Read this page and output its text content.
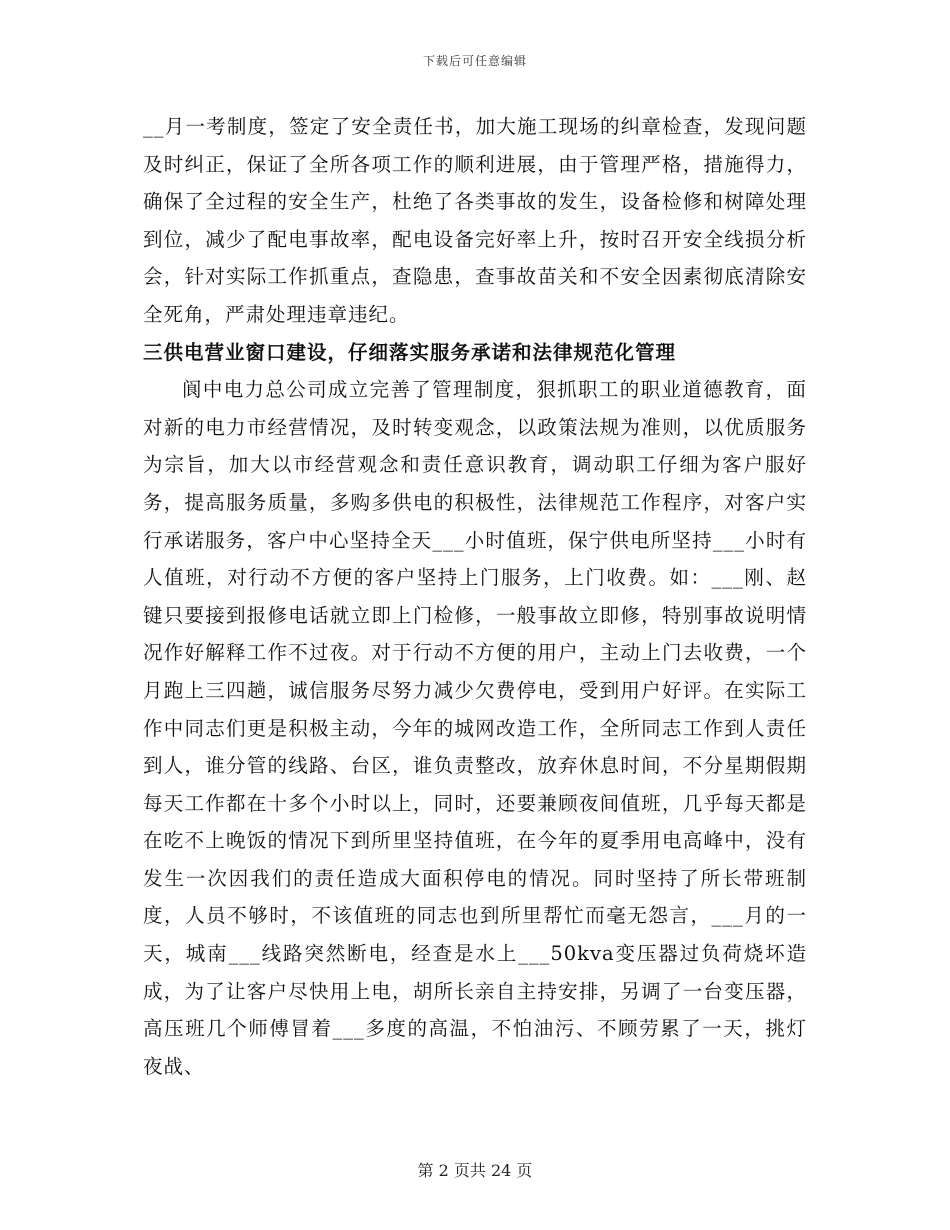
下载后可任意编辑

__月一考制度，签定了安全责任书，加大施工现场的纠章检查，发现问题及时纠正，保证了全所各项工作的顺利进展，由于管理严格，措施得力，确保了全过程的安全生产，杜绝了各类事故的发生，设备检修和树障处理到位，减少了配电事故率，配电设备完好率上升，按时召开安全线损分析会，针对实际工作抓重点，查隐患，查事故苗关和不安全因素彻底清除安全死角，严肃处理违章违纪。

三供电营业窗口建设，仔细落实服务承诺和法律规范化管理

阆中电力总公司成立完善了管理制度，狠抓职工的职业道德教育，面对新的电力市经营情况，及时转变观念，以政策法规为准则，以优质服务为宗旨，加大以市经营观念和责任意识教育，调动职工仔细为客户服好务，提高服务质量，多购多供电的积极性，法律规范工作程序，对客户实行承诺服务，客户中心坚持全天___小时值班，保宁供电所坚持___小时有人值班，对行动不方便的客户坚持上门服务，上门收费。如：___刚、赵键只要接到报修电话就立即上门检修，一般事故立即修，特别事故说明情况作好解释工作不过夜。对于行动不方便的用户，主动上门去收费，一个月跑上三四趟，诚信服务尽努力减少欠费停电，受到用户好评。在实际工作中同志们更是积极主动，今年的城网改造工作，全所同志工作到人责任到人，谁分管的线路、台区，谁负责整改，放弃休息时间，不分星期假期每天工作都在十多个小时以上，同时，还要兼顾夜间值班，几乎每天都是在吃不上晚饭的情况下到所里坚持值班，在今年的夏季用电高峰中，没有发生一次因我们的责任造成大面积停电的情况。同时坚持了所长带班制度，人员不够时，不该值班的同志也到所里帮忙而毫无怨言，___月的一天，城南___线路突然断电，经查是水上___50kva变压器过负荷烧坏造成，为了让客户尽快用上电，胡所长亲自主持安排，另调了一台变压器，高压班几个师傅冒着___多度的高温，不怕油污、不顾劳累了一天，挑灯夜战、

第 2 页共 24 页
